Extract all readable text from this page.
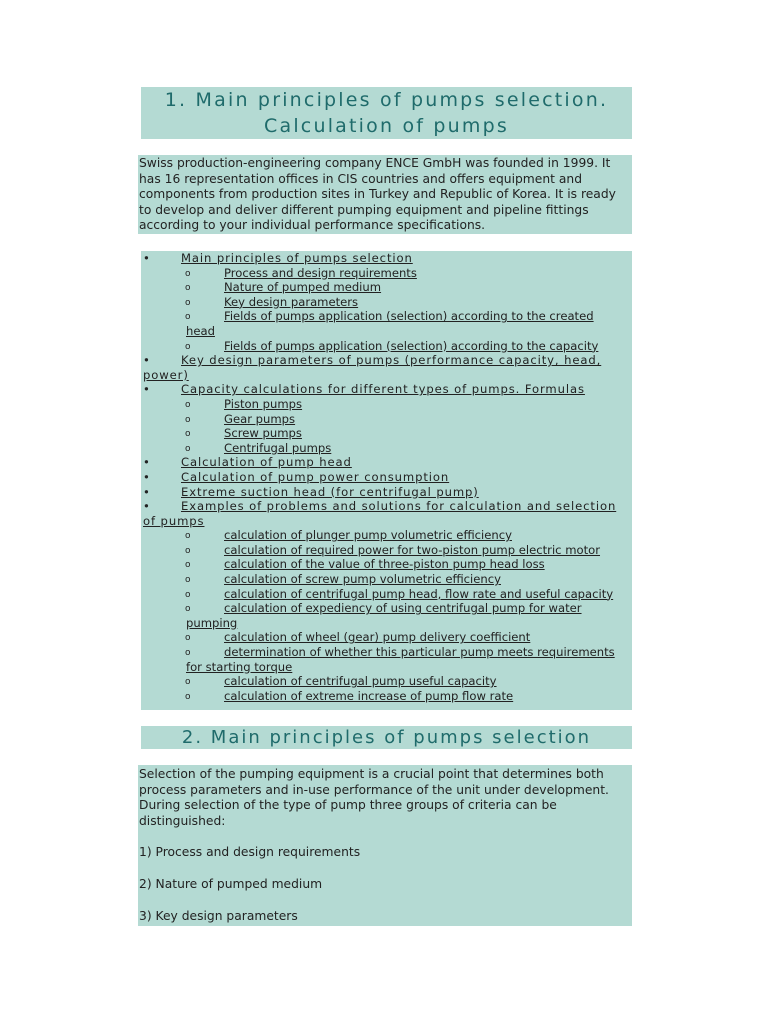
1. Main principles of pumps selection.
Calculation of pumps
Swiss production-engineering company ENCE GmbH was founded in 1999. It has 16 representation offices in CIS countries and offers equipment and components from production sites in Turkey and Republic of Korea. It is ready to develop and deliver different pumping equipment and pipeline fittings according to your individual performance specifications.
•	Main principles of pumps selection
o	Process and design requirements
o	Nature of pumped medium
o	Key design parameters
o	Fields of pumps application (selection) according to the created
head
o	Fields of pumps application (selection) according to the capacity
•	Key design parameters of pumps (performance capacity, head,
power)
•	Capacity calculations for different types of pumps. Formulas
o	Piston pumps
o	Gear pumps
o	Screw pumps
o	Centrifugal pumps
•	Calculation of pump head
•	Calculation of pump power consumption
•	Extreme suction head (for centrifugal pump)
•	Examples of problems and solutions for calculation and selection
of pumps
o	calculation of plunger pump volumetric efficiency
o	calculation of required power for two-piston pump electric motor
o	calculation of the value of three-piston pump head loss
o	calculation of screw pump volumetric efficiency
o	calculation of centrifugal pump head, flow rate and useful capacity
o	calculation of expediency of using centrifugal pump for water
pumping
o	calculation of wheel (gear) pump delivery coefficient
o	determination of whether this particular pump meets requirements
for starting torque
o	calculation of centrifugal pump useful capacity
o	calculation of extreme increase of pump flow rate
2. Main principles of pumps selection

Selection of the pumping equipment is a crucial point that determines both process parameters and in-use performance of the unit under development. During selection of the type of pump three groups of criteria can be distinguished:

1) Process and design requirements

2) Nature of pumped medium

3) Key design parameters
